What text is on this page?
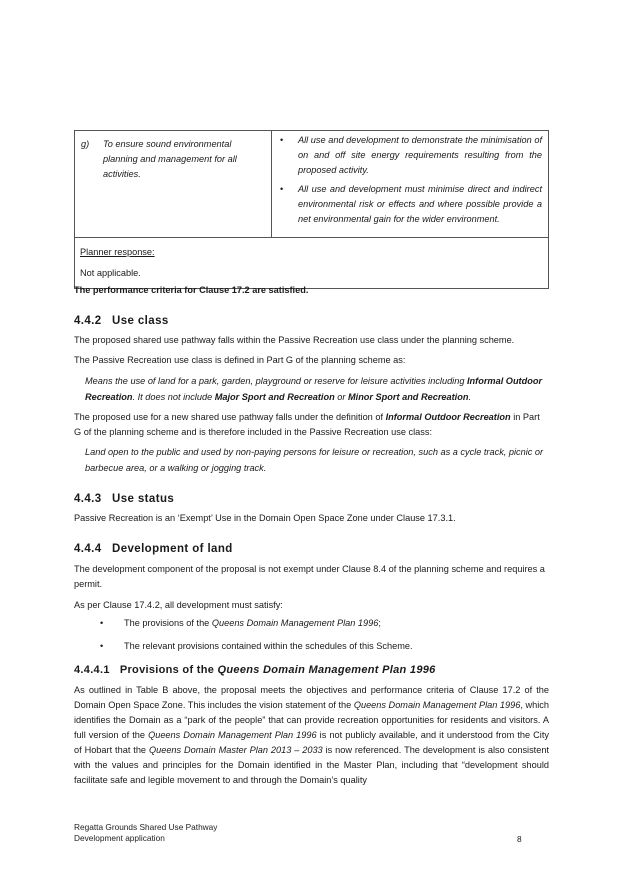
g)	To ensure sound environmental planning and management for all activities.
•	All use and development to demonstrate the minimisation of on and off site energy requirements resulting from the proposed activity.
•	All use and development must minimise direct and indirect environmental risk or effects and where possible provide a net environmental gain for the wider environment.
Planner response:
Not applicable.

The performance criteria for Clause 17.2 are satisfied.

4.4.2 Use class

The proposed shared use pathway falls within the Passive Recreation use class under the planning scheme.

The Passive Recreation use class is defined in Part G of the planning scheme as:

Means the use of land for a park, garden, playground or reserve for leisure activities including Informal Outdoor Recreation. It does not include Major Sport and Recreation or Minor Sport and Recreation.

The proposed use for a new shared use pathway falls under the definition of Informal Outdoor Recreation in Part G of the planning scheme and is therefore included in the Passive Recreation use class:

Land open to the public and used by non-paying persons for leisure or recreation, such as a cycle track, picnic or barbecue area, or a walking or jogging track.

4.4.3 Use status

Passive Recreation is an ‘Exempt’ Use in the Domain Open Space Zone under Clause 17.3.1.

4.4.4 Development of land

The development component of the proposal is not exempt under Clause 8.4 of the planning scheme and requires a permit.

As per Clause 17.4.2, all development must satisfy:

•	The provisions of the Queens Domain Management Plan 1996;
•	The relevant provisions contained within the schedules of this Scheme.
4.4.4.1 Provisions of the Queens Domain Management Plan 1996

As outlined in Table B above, the proposal meets the objectives and performance criteria of Clause 17.2 of the Domain Open Space Zone. This includes the vision statement of the Queens Domain Management Plan 1996, which identifies the Domain as a “park of the people” that can provide recreation opportunities for residents and visitors. A full version of the Queens Domain Management Plan 1996 is not publicly available, and it understood from the City of Hobart that the Queens Domain Master Plan 2013 – 2033 is now referenced. The development is also consistent with the values and principles for the Domain identified in the Master Plan, including that “development should facilitate safe and legible movement to and through the Domain’s quality

Regatta Grounds Shared Use Pathway
Development application	8
